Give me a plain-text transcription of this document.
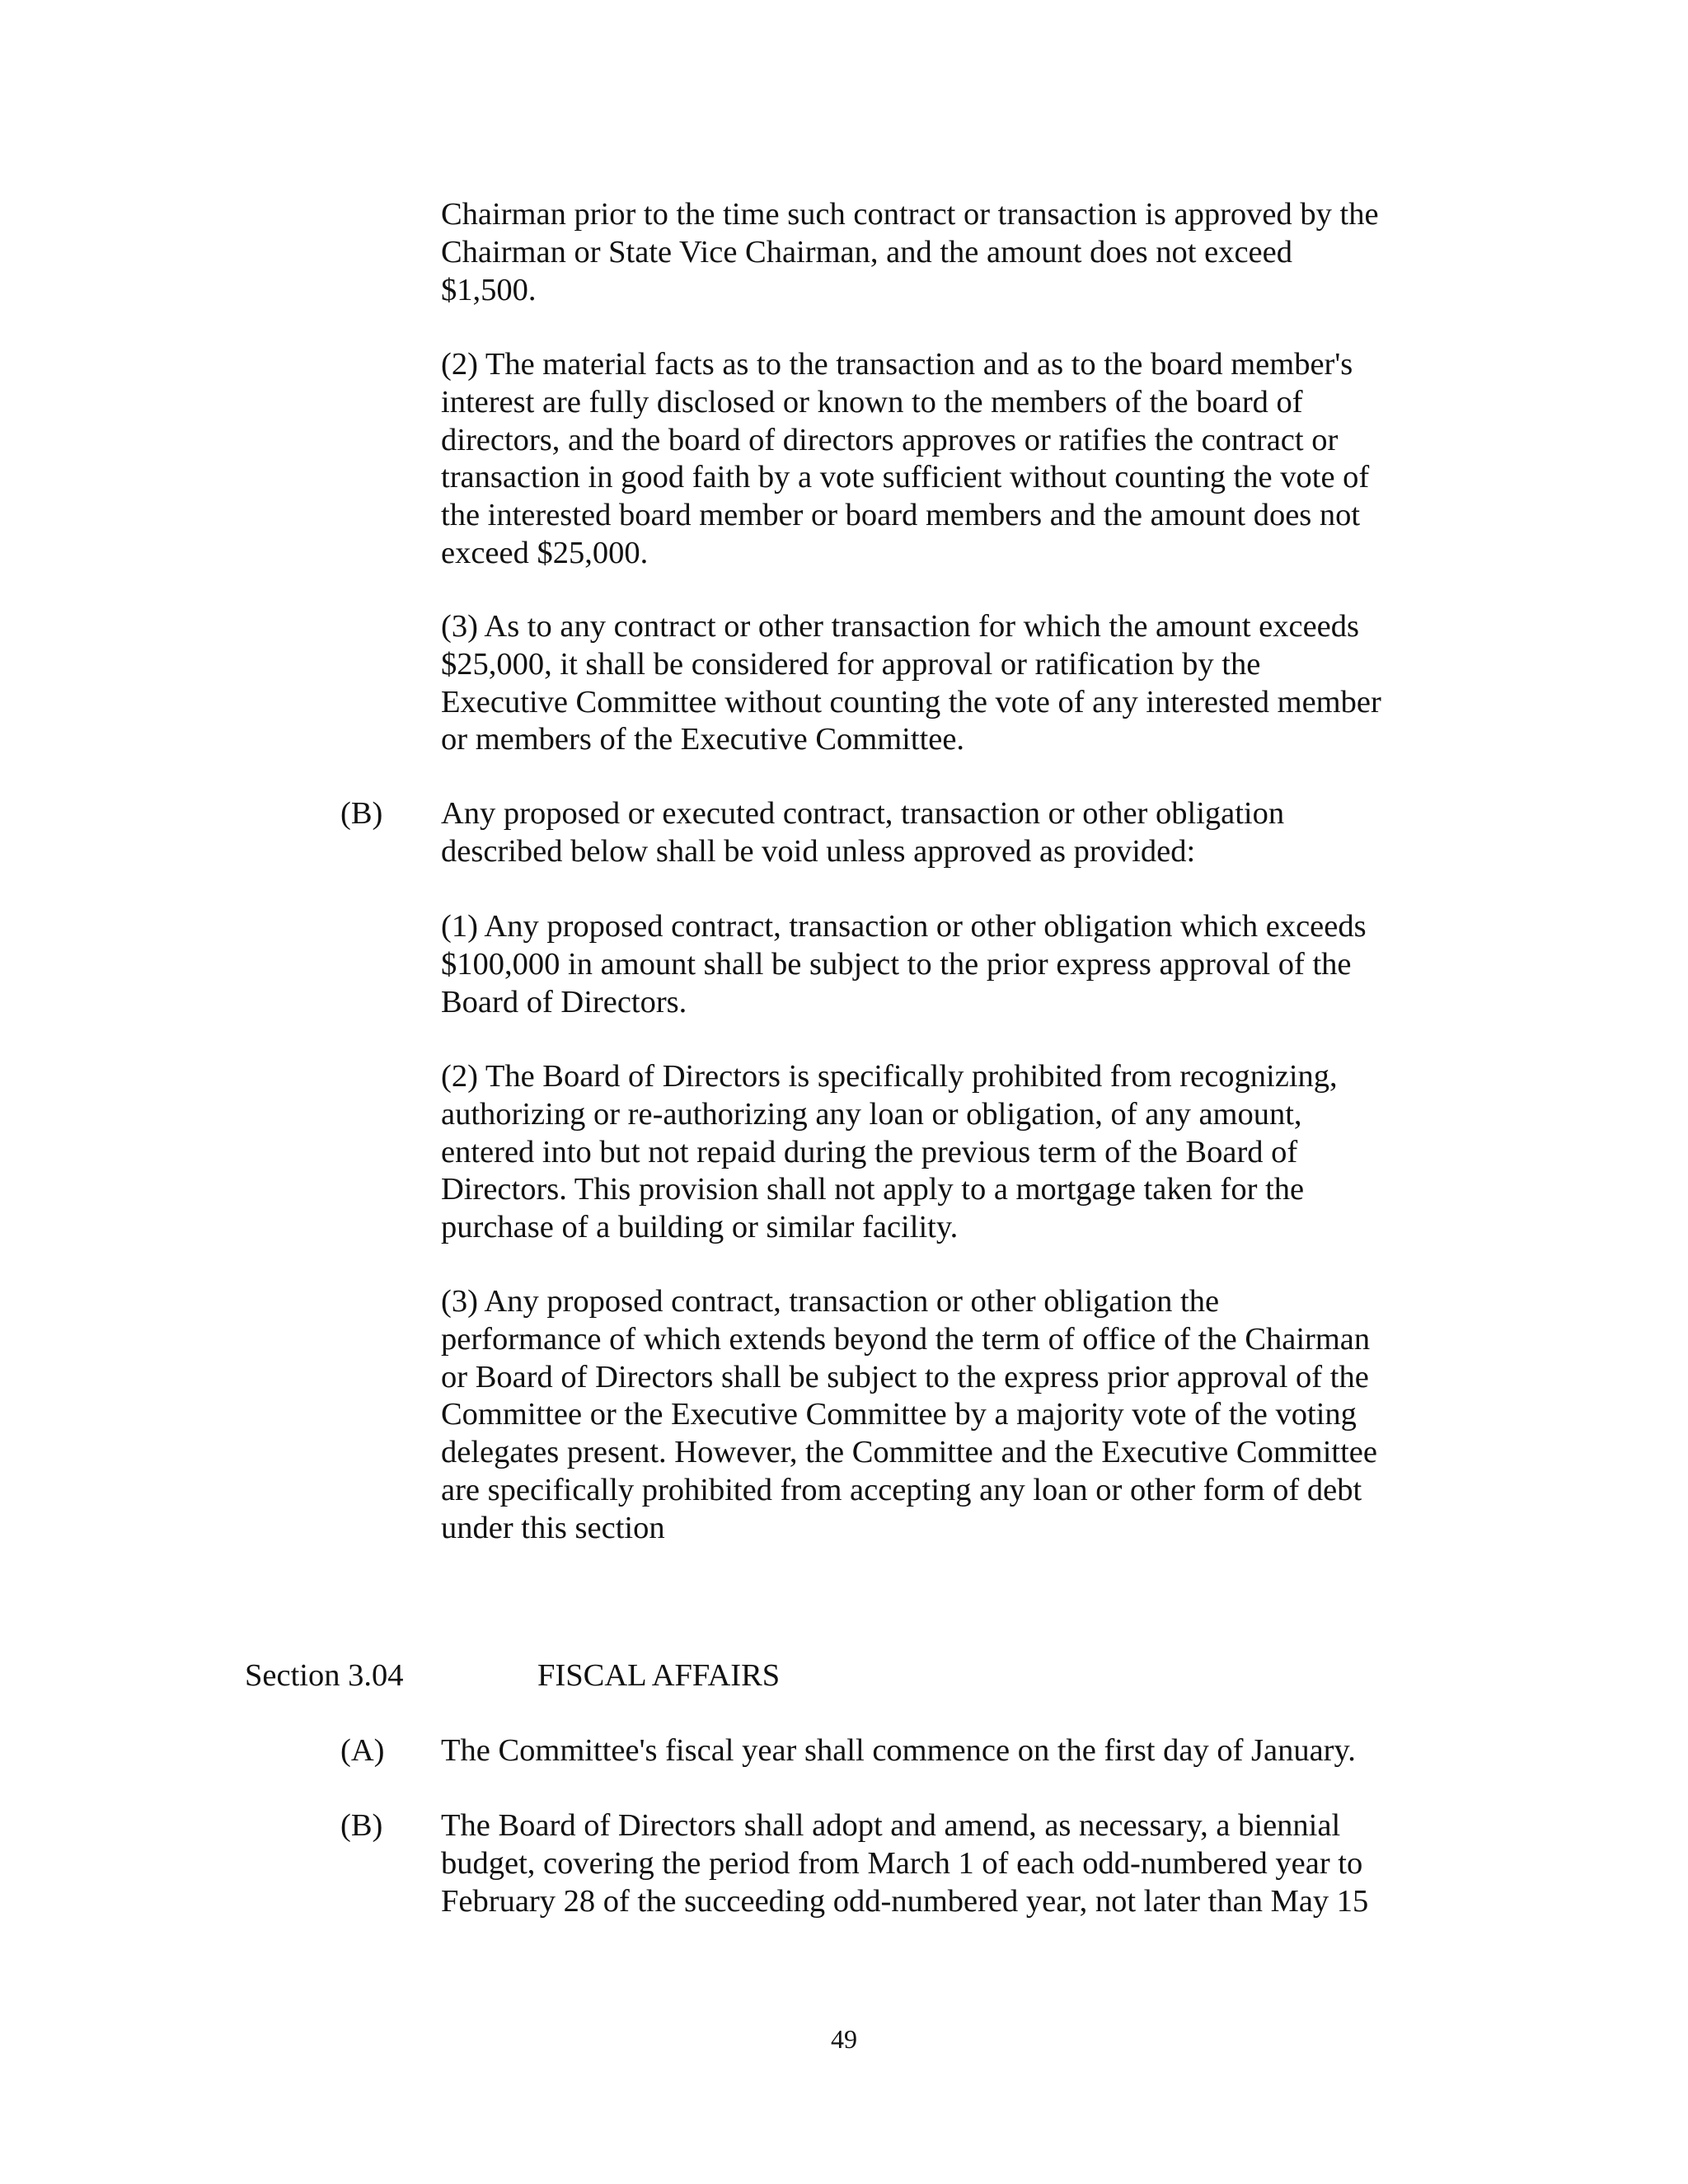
Chairman prior to the time such contract or transaction is approved by the
Chairman or State Vice Chairman, and the amount does not exceed
$1,500.

(2) The material facts as to the transaction and as to the board member's
interest are fully disclosed or known to the members of the board of
directors, and the board of directors approves or ratifies the contract or
transaction in good faith by a vote sufficient without counting the vote of
the interested board member or board members and the amount does not
exceed $25,000.

(3) As to any contract or other transaction for which the amount exceeds
$25,000, it shall be considered for approval or ratification by the
Executive Committee without counting the vote of any interested member
or members of the Executive Committee.

(B) Any proposed or executed contract, transaction or other obligation
described below shall be void unless approved as provided:

(1) Any proposed contract, transaction or other obligation which exceeds
$100,000 in amount shall be subject to the prior express approval of the
Board of Directors.

(2) The Board of Directors is specifically prohibited from recognizing,
authorizing or re-authorizing any loan or obligation, of any amount,
entered into but not repaid during the previous term of the Board of
Directors. This provision shall not apply to a mortgage taken for the
purchase of a building or similar facility.

(3) Any proposed contract, transaction or other obligation the
performance of which extends beyond the term of office of the Chairman
or Board of Directors shall be subject to the express prior approval of the
Committee or the Executive Committee by a majority vote of the voting
delegates present. However, the Committee and the Executive Committee
are specifically prohibited from accepting any loan or other form of debt
under this section

Section 3.04	FISCAL AFFAIRS

(A) The Committee's fiscal year shall commence on the first day of January.

(B) The Board of Directors shall adopt and amend, as necessary, a biennial
budget, covering the period from March 1 of each odd-numbered year to
February 28 of the succeeding odd-numbered year, not later than May 15

49
